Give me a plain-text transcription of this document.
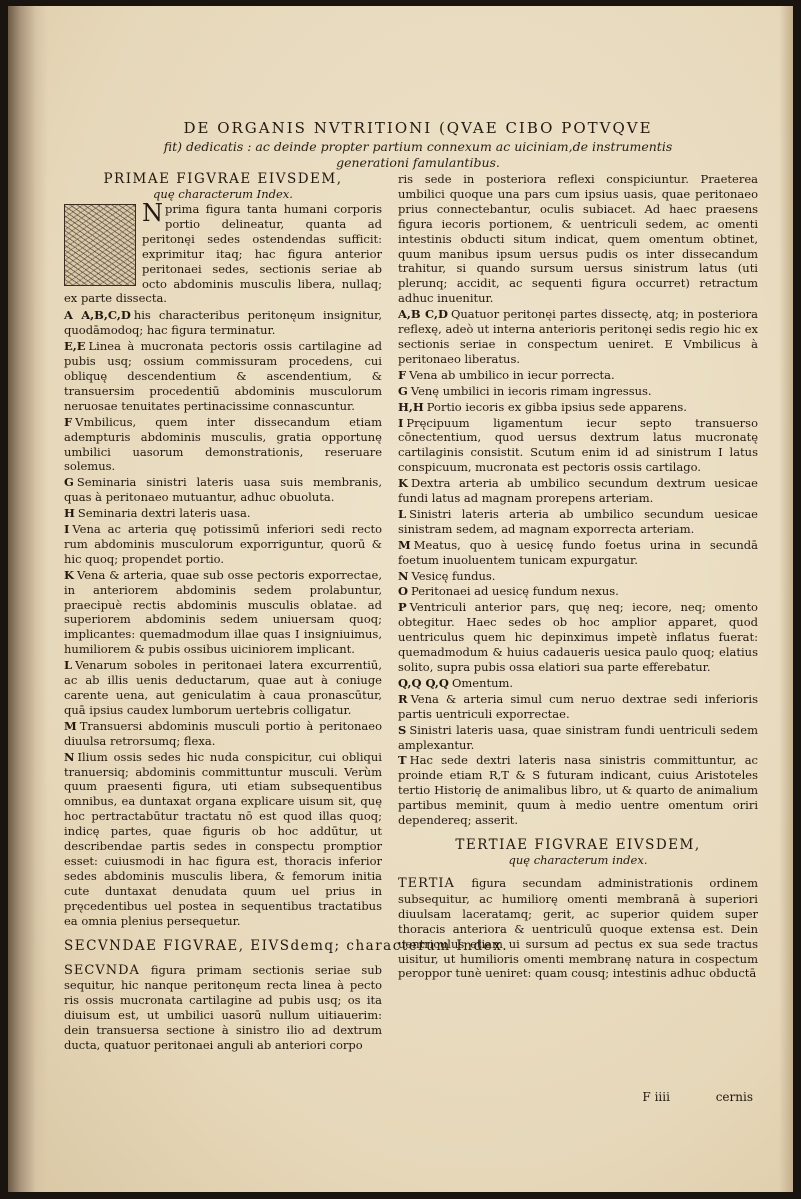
DE ORGANIS NVTRITIONI (QVAE CIBO POTVQVE
fit) dedicatis : ac deinde propter partium connexum ac uiciniam,de instrumentis
generationi famulantibus.
PRIMAE FIGVRAE EIVSDEM,
quę characterum Index.
N prima figura tanta humani corporis portio delineatur, quanta ad peritonęi sedes ostendendas sufficit: exprimitur itaq; hac figura anterior peritonaei sedes, sectionis seriae ab octo abdominis musculis libera, nullaq; ex parte dissecta.
A A,B,C,D his characteribus peritonęum insignitur, quodāmodoq; hac figura terminatur.
E,E Linea à mucronata pectoris ossis cartilagine ad pubis usq; ossium commissuram procedens, cui obliquę descendentium & ascendentium, & transuersim procedentiū abdominis musculorum neruosae tenuitates pertinacissime connascuntur.
F Vmbilicus, quem inter dissecandum etiam adempturis abdominis musculis, gratia opportunę umbilici uasorum demonstrationis, reseruare solemus.
G Seminaria sinistri lateris uasa suis membranis, quas à peritonaeo mutuantur, adhuc obuoluta.
H Seminaria dextri lateris uasa.
I Vena ac arteria quę potissimū inferiori sedi recto rum abdominis musculorum exporriguntur, quorū & hic quoq; propendet portio.
K Vena & arteria, quae sub osse pectoris exporrectae, in anteriorem abdominis sedem prolabuntur, praecipuè rectis abdominis musculis oblatae. ad superiorem abdominis sedem uniuersam quoq; implicantes: quemadmodum illae quas I insigniuimus, humiliorem & pubis ossibus uiciniorem implicant.
L Venarum soboles in peritonaei latera excurrentiū, ac ab illis uenis deductarum, quae aut à coniuge carente uena, aut geniculatim à caua pronascūtur, quā ipsius caudex lumborum uertebris colligatur.
M Transuersi abdominis musculi portio à peritonaeo diuulsa retrorsumq; flexa.
N Ilium ossis sedes hic nuda conspicitur, cui obliqui tranuersiq; abdominis committuntur musculi. Verùm quum praesenti figura, uti etiam subsequentibus omnibus, ea duntaxat organa explicare uisum sit, quę hoc pertractabūtur tractatu nō est quod illas quoq; indicę partes, quae figuris ob hoc addūtur, ut describendae partis sedes in conspectu promptior esset: cuiusmodi in hac figura est, thoracis inferior sedes abdominis musculis libera, & femorum initia cute duntaxat denudata quum uel prius in pręcedentibus uel postea in sequentibus tractatibus ea omnia plenius persequetur.
SECVNDAE FIGVRAE, EIVSdemq; characterum Index.
SECVNDA figura primam sectionis seriae sub sequitur, hic nanque peritonęum recta linea à pecto ris ossis mucronata cartilagine ad pubis usq; os ita diuisum est, ut umbilici uasorū nullum uitiauerim: dein transuersa sectione à sinistro ilio ad dextrum ducta, quatuor peritonaei anguli ab anteriori corpo
ris sede in posteriora reflexi conspiciuntur. Praeterea umbilici quoque una pars cum ipsius uasis, quae peritonaeo prius connectebantur, oculis subiacet. Ad haec praesens figura iecoris portionem, & uentriculi sedem, ac omenti intestinis obducti situm indicat, quem omentum obtinet, quum manibus ipsum uersus pudis os inter dissecandum trahitur, si quando sursum uersus sinistrum latus (uti plerunq; accidit, ac sequenti figura occurret) retractum adhuc inuenitur.
A,B C,D Quatuor peritonęi partes dissectę, atq; in posteriora reflexę, adeò ut interna anterioris peritonęi sedis regio hic ex sectionis seriae in conspectum ueniret. E Vmbilicus à peritonaeo liberatus.
F Vena ab umbilico in iecur porrecta.
G Venę umbilici in iecoris rimam ingressus.
H,H Portio iecoris ex gibba ipsius sede apparens.
I Pręcipuum ligamentum iecur septo transuerso cōnectentium, quod uersus dextrum latus mucronatę cartilaginis consistit. Scutum enim id ad sinistrum I latus conspicuum, mucronata est pectoris ossis cartilago.
K Dextra arteria ab umbilico secundum dextrum uesicae fundi latus ad magnam prorepens arteriam.
L Sinistri lateris arteria ab umbilico secundum uesicae sinistram sedem, ad magnam exporrecta arteriam.
M Meatus, quo à uesicę fundo foetus urina in secundā foetum inuoluentem tunicam expurgatur.
N Vesicę fundus.
O Peritonaei ad uesicę fundum nexus.
P Ventriculi anterior pars, quę neq; iecore, neq; omento obtegitur. Haec sedes ob hoc amplior apparet, quod uentriculus quem hic depinximus impetè inflatus fuerat: quemadmodum & huius cadaueris uesica paulo quoq; elatius solito, supra pubis ossa elatiori sua parte efferebatur.
Q,Q Q,Q Omentum.
R Vena & arteria simul cum neruo dextrae sedi inferioris partis uentriculi exporrectae.
S Sinistri lateris uasa, quae sinistram fundi uentriculi sedem amplexantur.
T Hac sede dextri lateris nasa sinistris committuntur, ac proinde etiam R,T & S futuram indicant, cuius Aristoteles tertio Historię de animalibus libro, ut & quarto de animalium partibus meminit, quum à medio uentre omentum oriri dependereq; asserit.
TERTIAE FIGVRAE EIVSDEM,
quę characterum index.
TERTIA figura secundam administrationis ordinem subsequitur, ac humiliorę omenti membranā à superiori diuulsam laceratamq; gerit, ac superior quidem super thoracis anteriora & uentriculū quoque extensa est. Dein uentriculus etiam ui sursum ad pectus ex sua sede tractus uisitur, ut humilioris omenti membranę natura in cospectum peroppor tunè ueniret: quam cousq; intestinis adhuc obductā
F iiii	cernis
